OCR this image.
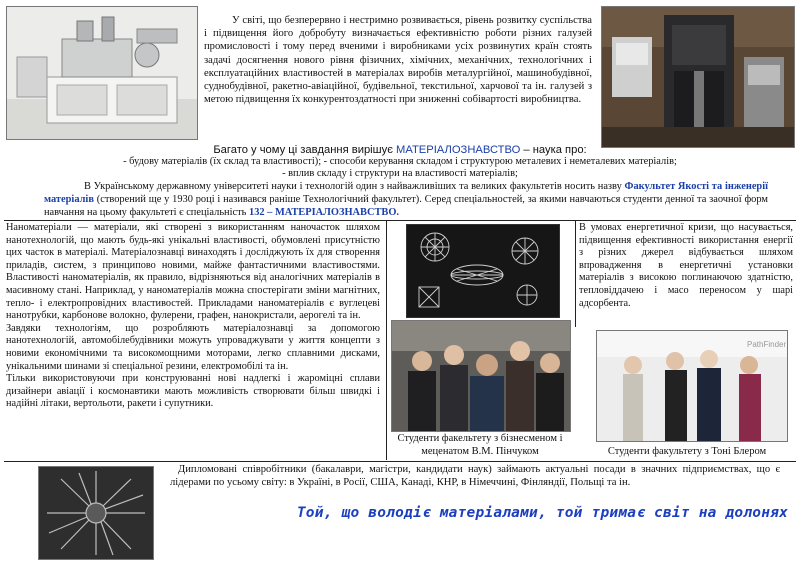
У світі, що безперервно і нестримно розвивається, рівень розвитку суспільства і підвищення його добробуту визначається ефективністю роботи різних галузей промисловості і тому перед вченими і виробниками усіх розвинутих країн стоять задачі досягнення нового рівня фізичних, хімічних, механічних, технологічних і експлуатаційних властивостей в матеріалах виробів металургійної, машинобудівної, суднобудівної, ракетно-авіаційної, будівельної, текстильної, харчової та ін. галузей з метою підвищення їх конкурентоздатності при зниженні собівартості виробництва.
Багато у чому ці завдання вирішує МАТЕРІАЛОЗНАВСТВО – наука про:
- будову матеріалів (їх склад та властивості); - способи керування складом і структурою металевих і неметалевих матеріалів;
- вплив складу і структури на властивості матеріалів;
В Українському державному університеті науки і технологій один з найважливіших та великих факультетів носить назву Факультет Якості та інженерії матеріалів (створений ще у 1930 році і називався раніше Технологічний факультет). Серед спеціальностей, за якими навчаються студенти денної та заочної форм навчання на цьому факультеті є спеціальність 132 – МАТЕРІАЛОЗНАВСТВО.
Наноматеріали — матеріали, які створені з використанням наночасток шляхом нанотехнологій, що мають будь-які унікальні властивості, обумовлені присутністю цих часток в матеріалі. Матеріалознавці винаходять і досліджують їх для створення приладів, систем, з принципово новими, майже фантастичними властивостями. Властивості наноматеріалів, як правило, відрізняються від аналогічних матеріалів в масивному стані. Наприклад, у наноматеріалів можна спостерігати зміни магнітних, тепло- і електропровідних властивостей. Прикладами наноматеріалів є вуглецеві нанотрубки, карбонове волокно, фулерени, графен, нанокристали, аерогелі та ін.
Завдяки технологіям, що розробляють матеріалознавці за допомогою нанотехнологій, автомобілебудівники можуть упроваджувати у життя концепти з новими економічними та високомощними моторами, легко сплавними дисками, унікальними шинами зі спеціальної резини, електромобілі та ін.
Тільки використовуючи при конструюванні нові надлегкі і жароміцні сплави дизайнери авіації і космонавтики мають можливість створювати більш швидкі і надійні літаки, вертольоти, ракети і супутники.
Студенти факельтету з бізнесменом і меценатом В.М. Пінчуком
В умовах енергетичної кризи, що насувається, підвищення ефективності використання енергії з різних джерел відбувається шляхом впровадження в енергетичні установки матеріалів з високою поглинаючою здатністю, тепловіддачею і масо переносом у шарі адсорбента.
PathFinder
Студенти факультету з Тоні Блером
Дипломовані співробітники (бакалаври, магістри, кандидати наук) займають актуальні посади в значних підприємствах, що є лідерами по усьому світу: в Україні, в Росії, США, Канаді, КНР, в Німеччині, Фінляндії, Польщі та ін.
Той, що володіє матеріалами, той тримає світ на долонях
